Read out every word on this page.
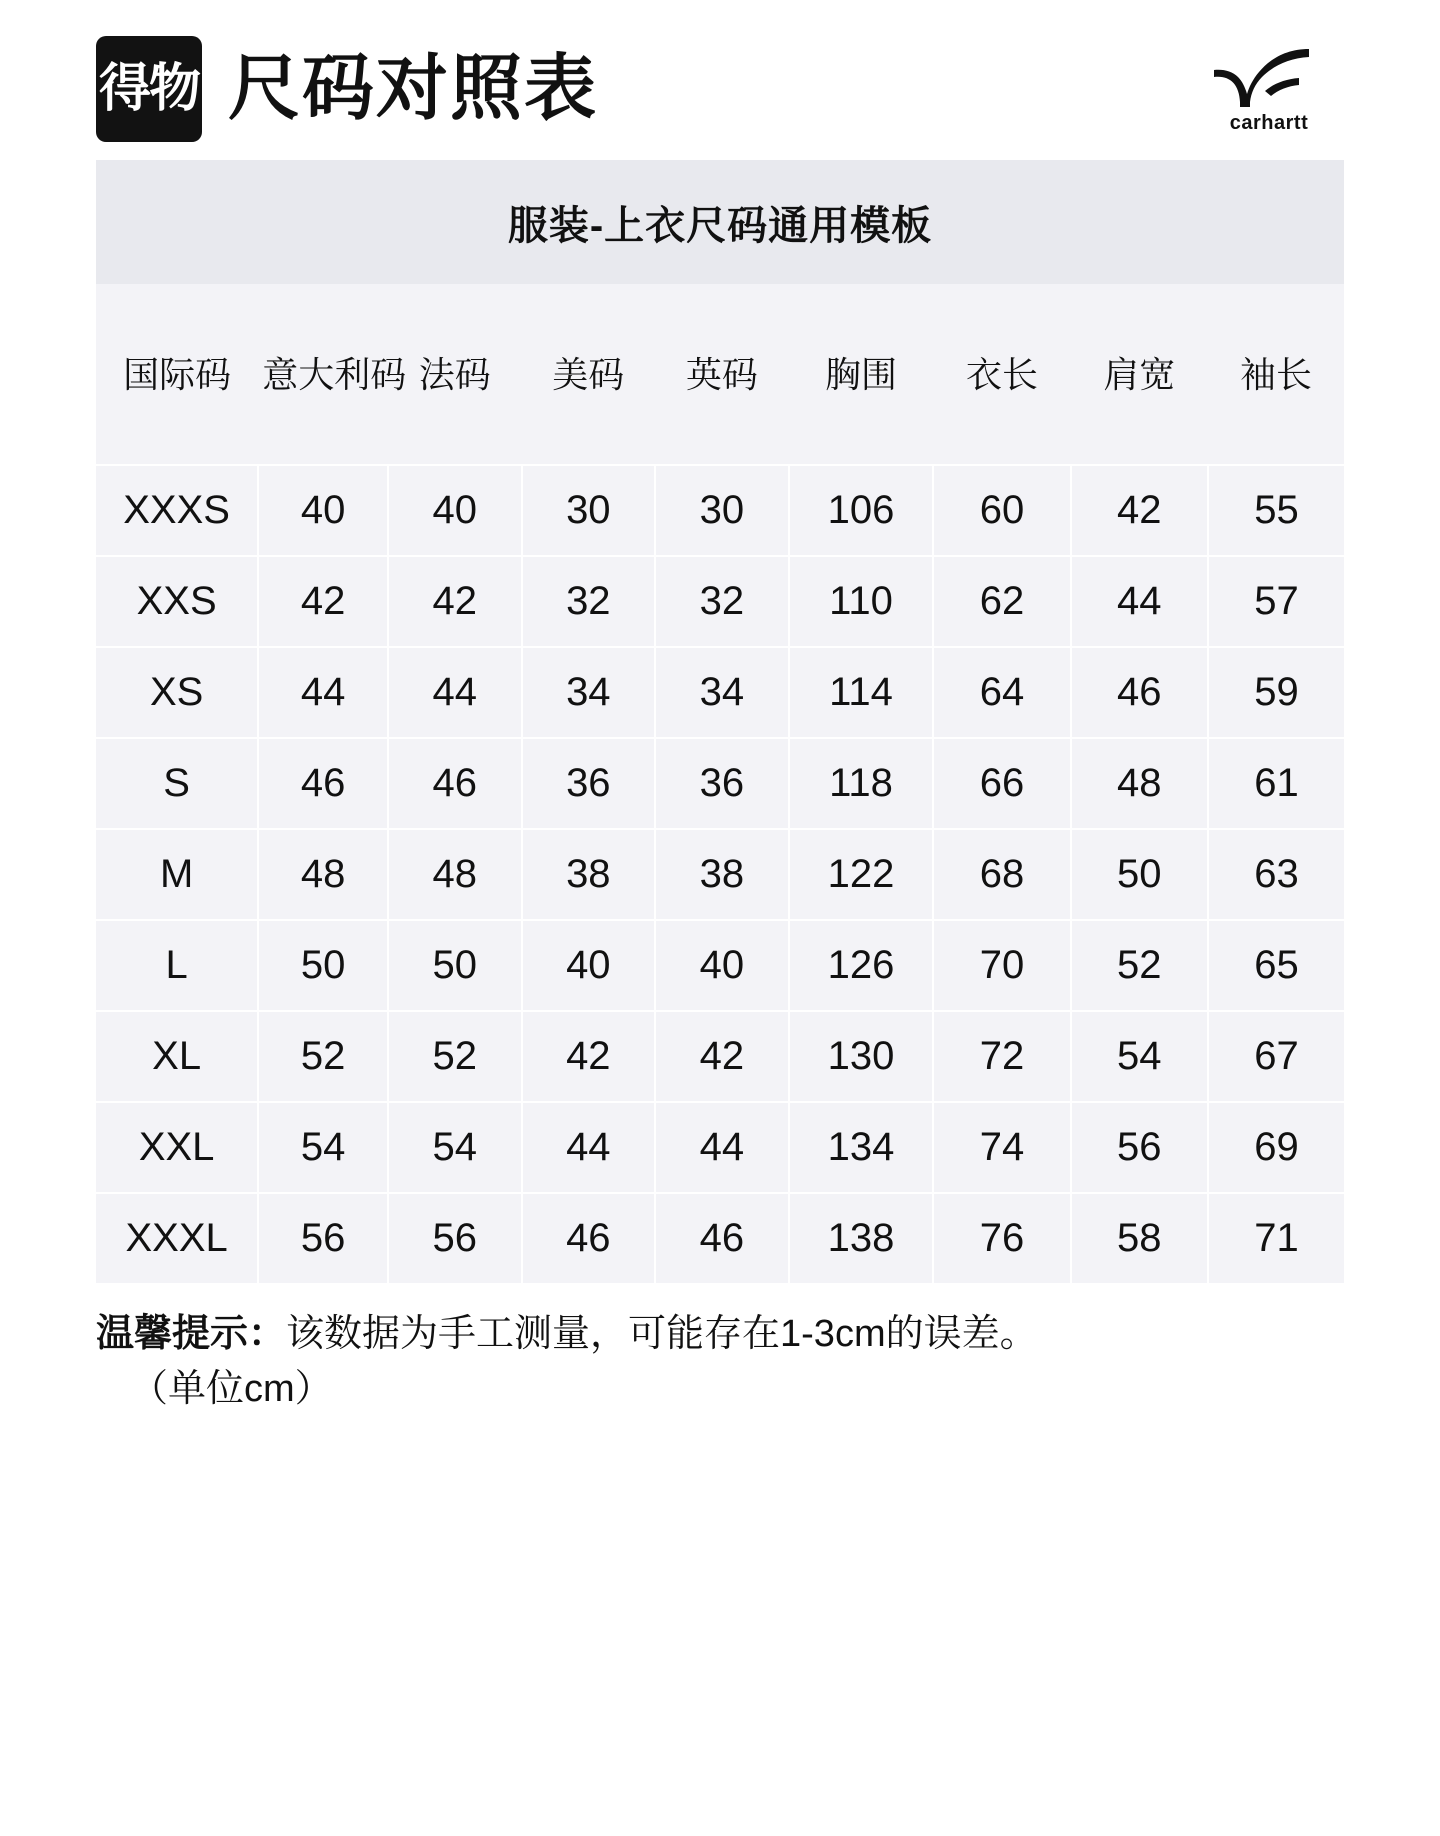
得物 尺码对照表	carhartt
服装-上衣尺码通用模板
国际码	意大利码	法码	美码	英码	胸围	衣长	肩宽	袖长
XXXS	40	40	30	30	106	60	42	55
XXS	42	42	32	32	110	62	44	57
XS	44	44	34	34	114	64	46	59
S	46	46	36	36	118	66	48	61
M	48	48	38	38	122	68	50	63
L	50	50	40	40	126	70	52	65
XL	52	52	42	42	130	72	54	67
XXL	54	54	44	44	134	74	56	69
XXXL	56	56	46	46	138	76	58	71
温馨提示：该数据为手工测量，可能存在1-3cm的误差。
（单位cm）
